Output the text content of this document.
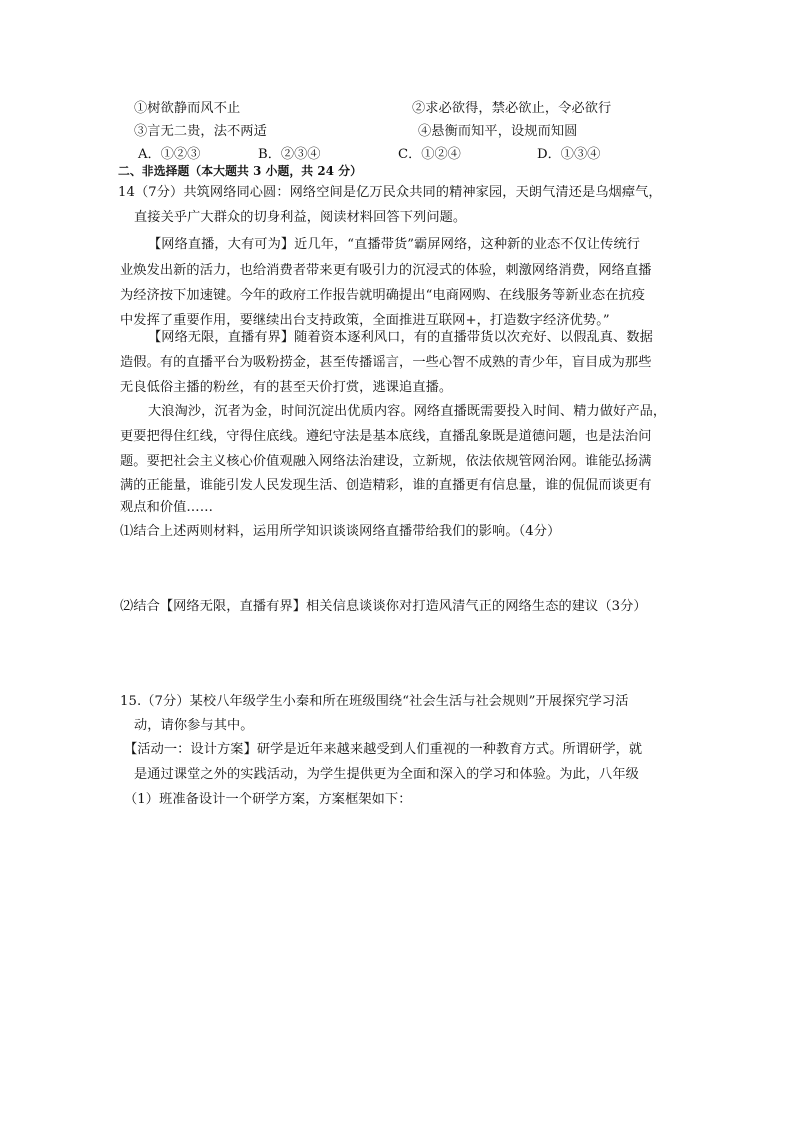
①树欲静而风不止	②求必欲得，禁必欲止，令必欲行
③言无二贵，法不两适	④悬衡而知平，设规而知圆
A．①②③	B．②③④	C．①②④	D．①③④
二、非选择题（本大题共 3 小题，共 24 分）
14（7分）共筑网络同心圆：网络空间是亿万民众共同的精神家园，天朗气清还是乌烟瘴气，
直接关乎广大群众的切身利益，阅读材料回答下列问题。
【网络直播，大有可为】近几年，“直播带货”霸屏网络，这种新的业态不仅让传统行
业焕发出新的活力，也给消费者带来更有吸引力的沉浸式的体验，刺激网络消费，网络直播
为经济按下加速键。今年的政府工作报告就明确提出“电商网购、在线服务等新业态在抗疫
中发挥了重要作用，要继续出台支持政策，全面推进互联网+，打造数字经济优势。”
【网络无限，直播有界】随着资本逐利风口，有的直播带货以次充好、以假乱真、数据
造假。有的直播平台为吸粉捞金，甚至传播谣言，一些心智不成熟的青少年，盲目成为那些
无良低俗主播的粉丝，有的甚至天价打赏，逃课追直播。
大浪淘沙，沉者为金，时间沉淀出优质内容。网络直播既需要投入时间、精力做好产品，
更要把得住红线，守得住底线。遵纪守法是基本底线，直播乱象既是道德问题，也是法治问
题。要把社会主义核心价值观融入网络法治建设，立新规，依法依规管网治网。谁能弘扬满
满的正能量，谁能引发人民发现生活、创造精彩，谁的直播更有信息量，谁的侃侃而谈更有
观点和价值……
⑴结合上述两则材料，运用所学知识谈谈网络直播带给我们的影响。（4分）
⑵结合【网络无限，直播有界】相关信息谈谈你对打造风清气正的网络生态的建议（3分）
15.（7分）某校八年级学生小秦和所在班级围绕“社会生活与社会规则”开展探究学习活
动，请你参与其中。
【活动一：设计方案】研学是近年来越来越受到人们重视的一种教育方式。所谓研学，就
是通过课堂之外的实践活动，为学生提供更为全面和深入的学习和体验。为此，八年级
（1）班准备设计一个研学方案，方案框架如下：
